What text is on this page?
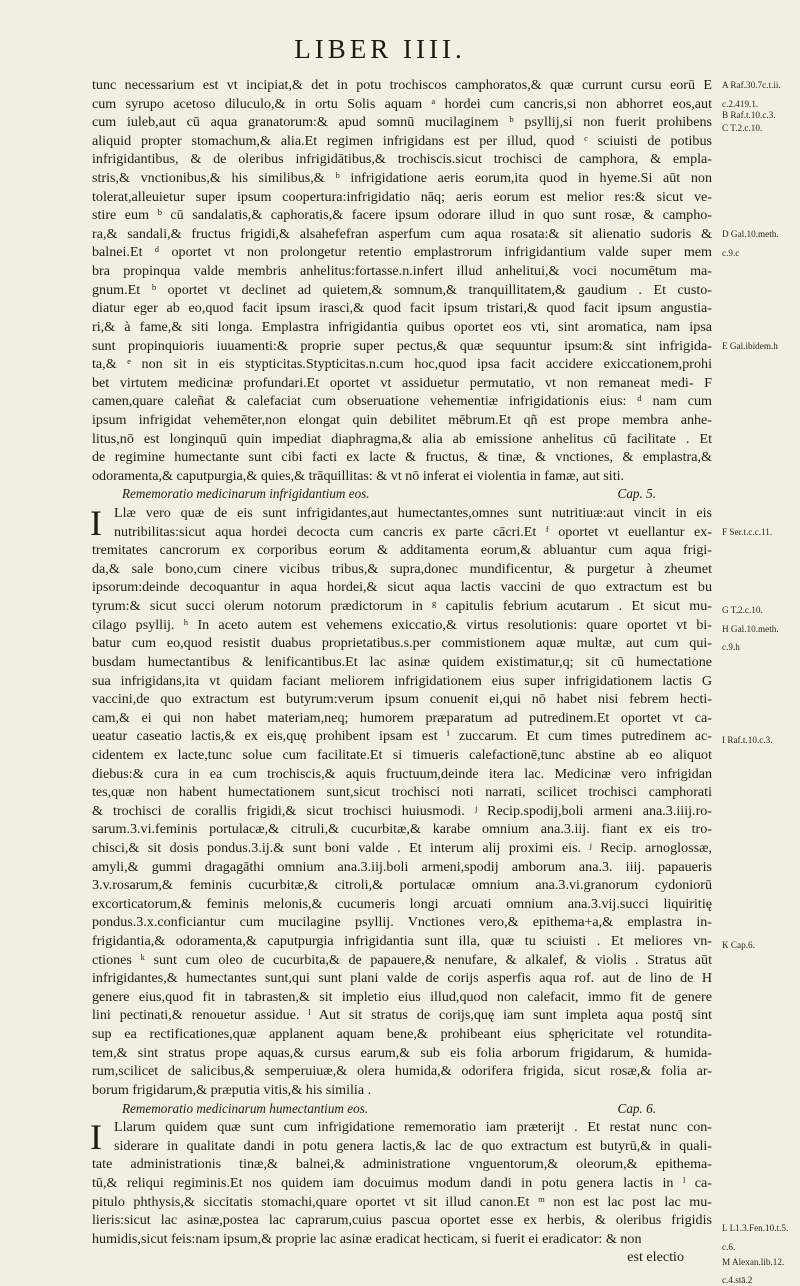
LIBER IIII.
tunc necessarium est vt incipiat,& det in potu trochiscos camphoratos,& quæ currunt cursu eorū E
cum syrupo acetoso diluculo,& in ortu Solis aquam ᵃ hordei cum cancris,si non abhorret eos,aut
cum iuleb,aut cū aqua granatorum:& apud somnū mucilaginem ᵇ psyllij,si non fuerit prohibens
aliquid propter stomachum,& alia.Et regimen infrigidans est per illud, quod ᶜ sciuisti de potibus
infrigidantibus, & de oleribus infrigidātibus,& trochiscis.sicut trochisci de camphora, & empla-
stris,& vnctionibus,& his similibus,& ᵇ infrigidatione aeris eorum,ita quod in hyeme.Si aūt non
tolerat,alleuietur super ipsum coopertura:infrigidatio nāq; aeris eorum est melior res:& sicut ve-
stire eum ᵇ cū sandalatis,& caphoratis,& facere ipsum odorare illud in quo sunt rosæ, & campho-
ra,& sandali,& fructus frigidi,& alsahefefran asperfum cum aqua rosata:& sit alienatio sudoris &
balnei.Et ᵈ oportet vt non prolongetur retentio emplastrorum infrigidantium valde super mem
bra propinqua valde membris anhelitus:fortasse.n.infert illud anhelitui,& voci nocumētum ma-
gnum.Et ᵇ oportet vt declinet ad quietem,& somnum,& tranquillitatem,& gaudium . Et custo-
diatur eger ab eo,quod facit ipsum irasci,& quod facit ipsum tristari,& quod facit ipsum angustia-
ri,& à fame,& siti longa. Emplastra infrigidantia quibus oportet eos vti, sint aromatica, nam ipsa
sunt propinquioris iuuamenti:& proprie super pectus,& quæ sequuntur ipsum:& sint infrigida-
ta,& ᵉ non sit in eis stypticitas.Stypticitas.n.cum hoc,quod ipsa facit accidere exiccationem,prohi
bet virtutem medicinæ profundari.Et oportet vt assiduetur permutatio, vt non remaneat medi- F
camen,quare caleñat & calefaciat cum obseruatione vehementiæ infrigidationis eius: ᵈ nam cum
ipsum infrigidat vehemēter,non elongat quin debilitet mēbrum.Et qñ est prope membra anhe-
litus,nō est longinquū quin impediat diaphragma,& alia ab emissione anhelitus cū facilitate . Et
de regimine humectante sunt cibi facti ex lacte & fructus, & tinæ, & vnctiones, & emplastra,&
odoramenta,& caputpurgia,& quies,& trāquillitas: & vt nō inferat ei violentia in famæ, aut siti.
Rememoratio medicinarum infrigidantium eos.	Cap. 5.
I Llæ vero quæ de eis sunt infrigidantes,aut humectantes,omnes sunt nutritiuæ:aut vincit in eis
nutribilitas:sicut aqua hordei decocta cum cancris ex parte cācri.Et ᶠ oportet vt euellantur ex-
tremitates cancrorum ex corporibus eorum & additamenta eorum,& abluantur cum aqua frigi-
da,& sale bono,cum cinere vicibus tribus,& supra,donec mundificentur, & purgetur à zheumet
ipsorum:deinde decoquantur in aqua hordei,& sicut aqua lactis vaccini de quo extractum est bu
tyrum:& sicut succi olerum notorum prædictorum in ᵍ capitulis febrium acutarum . Et sicut mu-
cilago psyllij. ʰ In aceto autem est vehemens exiccatio,& virtus resolutionis: quare oportet vt bi-
batur cum eo,quod resistit duabus proprietatibus.s.per commistionem aquæ multæ, aut cum qui-
busdam humectantibus & lenificantibus.Et lac asinæ quidem existimatur,q; sit cū humectatione
sua infrigidans,ita vt quidam faciant meliorem infrigidationem eius super infrigidationem lactis G
vaccini,de quo extractum est butyrum:verum ipsum conuenit ei,qui nō habet nisi febrem hecti-
cam,& ei qui non habet materiam,neq; humorem præparatum ad putredinem.Et oportet vt ca-
ueatur caseatio lactis,& ex eis,quę prohibent ipsam est ⁱ zuccarum. Et cum times putredinem ac-
cidentem ex lacte,tunc solue cum facilitate.Et si timueris calefactionē,tunc abstine ab eo aliquot
diebus:& cura in ea cum trochiscis,& aquis fructuum,deinde itera lac. Medicinæ vero infrigidan
tes,quæ non habent humectationem sunt,sicut trochisci noti narrati, scilicet trochisci camphorati
& trochisci de corallis frigidi,& sicut trochisci huiusmodi. ʲ Recip.spodij,boli armeni ana.3.iiij.ro-
sarum.3.vi.feminis portulacæ,& citruli,& cucurbitæ,& karabe omnium ana.3.iij. fiant ex eis tro-
chisci,& sit dosis pondus.3.ij.& sunt boni valde . Et interum alij proximi eis. ʲ Recip. arnoglossæ,
amyli,& gummi dragagāthi omnium ana.3.iij.boli armeni,spodij amborum ana.3. iiij. papaueris
3.v.rosarum,& feminis cucurbitæ,& citroli,& portulacæ omnium ana.3.vi.granorum cydoniorū
excorticatorum,& feminis melonis,& cucumeris longi arcuati omnium ana.3.vij.succi liquiritię
pondus.3.x.conficiantur cum mucilagine psyllij. Vnctiones vero,& epithema+a,& emplastra in-
frigidantia,& odoramenta,& caputpurgia infrigidantia sunt illa, quæ tu sciuisti . Et meliores vn-
ctiones ᵏ sunt cum oleo de cucurbita,& de papauere,& nenufare, & alkalef, & violis . Stratus aūt
infrigidantes,& humectantes sunt,qui sunt plani valde de corijs asperfis aqua rof. aut de lino de H
genere eius,quod fit in tabrasten,& sit impletio eius illud,quod non calefacit, immo fit de genere
lini pectinati,& renouetur assidue. ˡ Aut sit stratus de corijs,quę iam sunt impleta aqua postq̄ sint
sup ea rectificationes,quæ applanent aquam bene,& prohibeant eius sphęricitate vel rotundita-
tem,& sint stratus prope aquas,& cursus earum,& sub eis folia arborum frigidarum, & humida-
rum,scilicet de salicibus,& semperuiuæ,& olera humida,& odorifera frigida, sicut rosæ,& folia ar-
borum frigidarum,& præputia vitis,& his similia .
Rememoratio medicinarum humectantium eos.	Cap. 6.
I Llarum quidem quæ sunt cum infrigidatione rememoratio iam præterijt . Et restat nunc con-
siderare in qualitate dandi in potu genera lactis,& lac de quo extractum est butyrū,& in quali-
tate administrationis tinæ,& balnei,& administratione vnguentorum,& oleorum,& epithema-
tū,& reliqui regiminis.Et nos quidem iam docuimus modum dandi in potu genera lactis in ˡ ca-
pitulo phthysis,& siccitatis stomachi,quare oportet vt sit illud canon.Et ᵐ non est lac post lac mu-
lieris:sicut lac asinæ,postea lac caprarum,cuius pascua oportet esse ex herbis, & oleribus frigidis
humidis,sicut feis:nam ipsum,& proprie lac asinæ eradicat hecticam, si fuerit ei eradicator: & non
est electio
A Raf.30.7c.t.ii.
c.2.419.1.
B Raf.t.10.c.3.
C T.2.c.10.
D Gal.10.meth.
c.9.c
E Gal.ibidem.h
F Ser.t.c.c.11.
G T.2.c.10.
H Gal.10.meth.
c.9.h
I Raf.t.10.c.3.
K Cap.6.
L L1.3.Fen.10.t.5.
c.6.
M Alexan.lib.12.
c.4.stā.2
